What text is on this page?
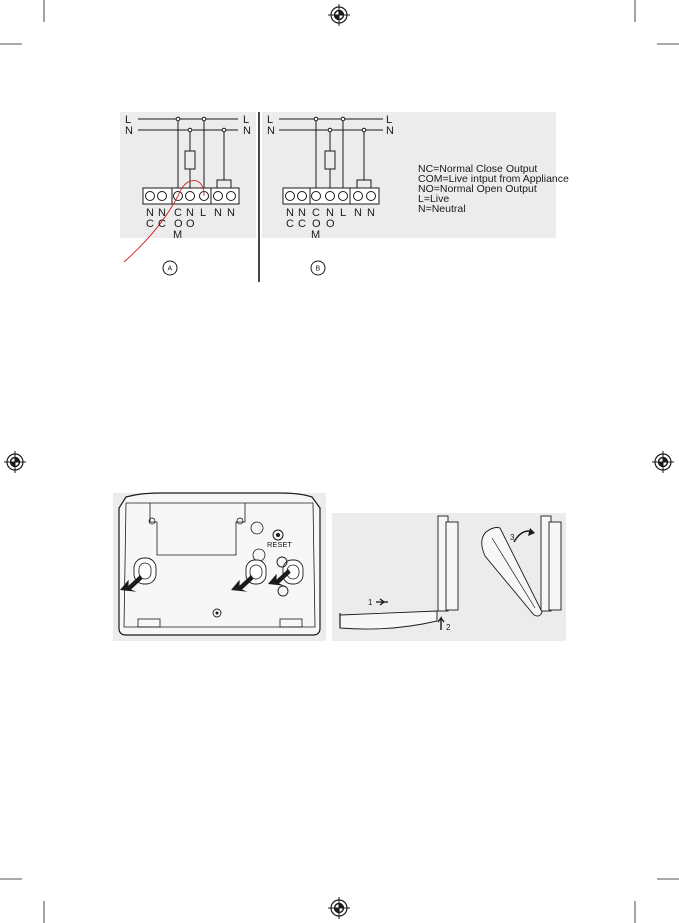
L
N
L
N
N
C
N
C
C
O
M
N
O
L N N
A
L
N
L
N
N
C
N
C
C
O
M
N
O
L N N
B
NC=Normal Close Output
COM=Live intput from Appliance
NO=Normal Open Output
L=Live
N=Neutral
RESET
1
2
3
